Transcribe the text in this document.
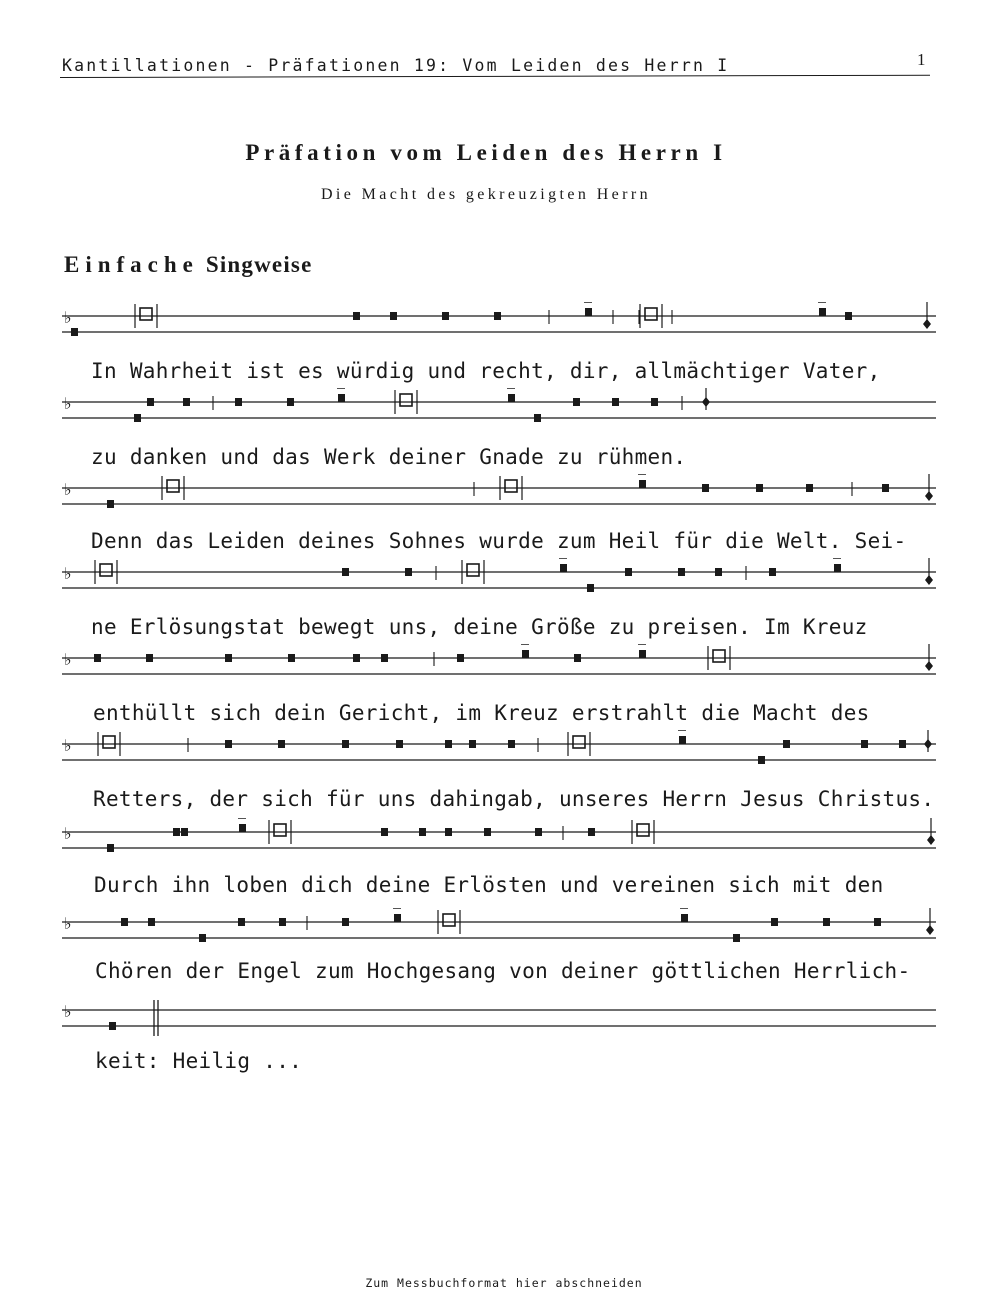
Kantillationen - Präfationen 19: Vom Leiden des Herrn I	1
Präfation vom Leiden des Herrn I
Die Macht des gekreuzigten Herrn
Einfache Singweise
♭
♭
♭
♭
♭
♭
♭
♭
♭
In Wahrheit ist es würdig und recht, dir, allmächtiger Vater,
zu danken und das Werk deiner Gnade zu rühmen.
Denn das Leiden deines Sohnes wurde zum Heil für die Welt. Sei-
ne Erlösungstat bewegt uns, deine Größe zu preisen. Im Kreuz
enthüllt sich dein Gericht, im Kreuz erstrahlt die Macht des
Retters, der sich für uns dahingab, unseres Herrn Jesus Christus.
Durch ihn loben dich deine Erlösten und vereinen sich mit den
Chören der Engel zum Hochgesang von deiner göttlichen Herrlich-
keit: Heilig ...
Zum Messbuchformat hier abschneiden
